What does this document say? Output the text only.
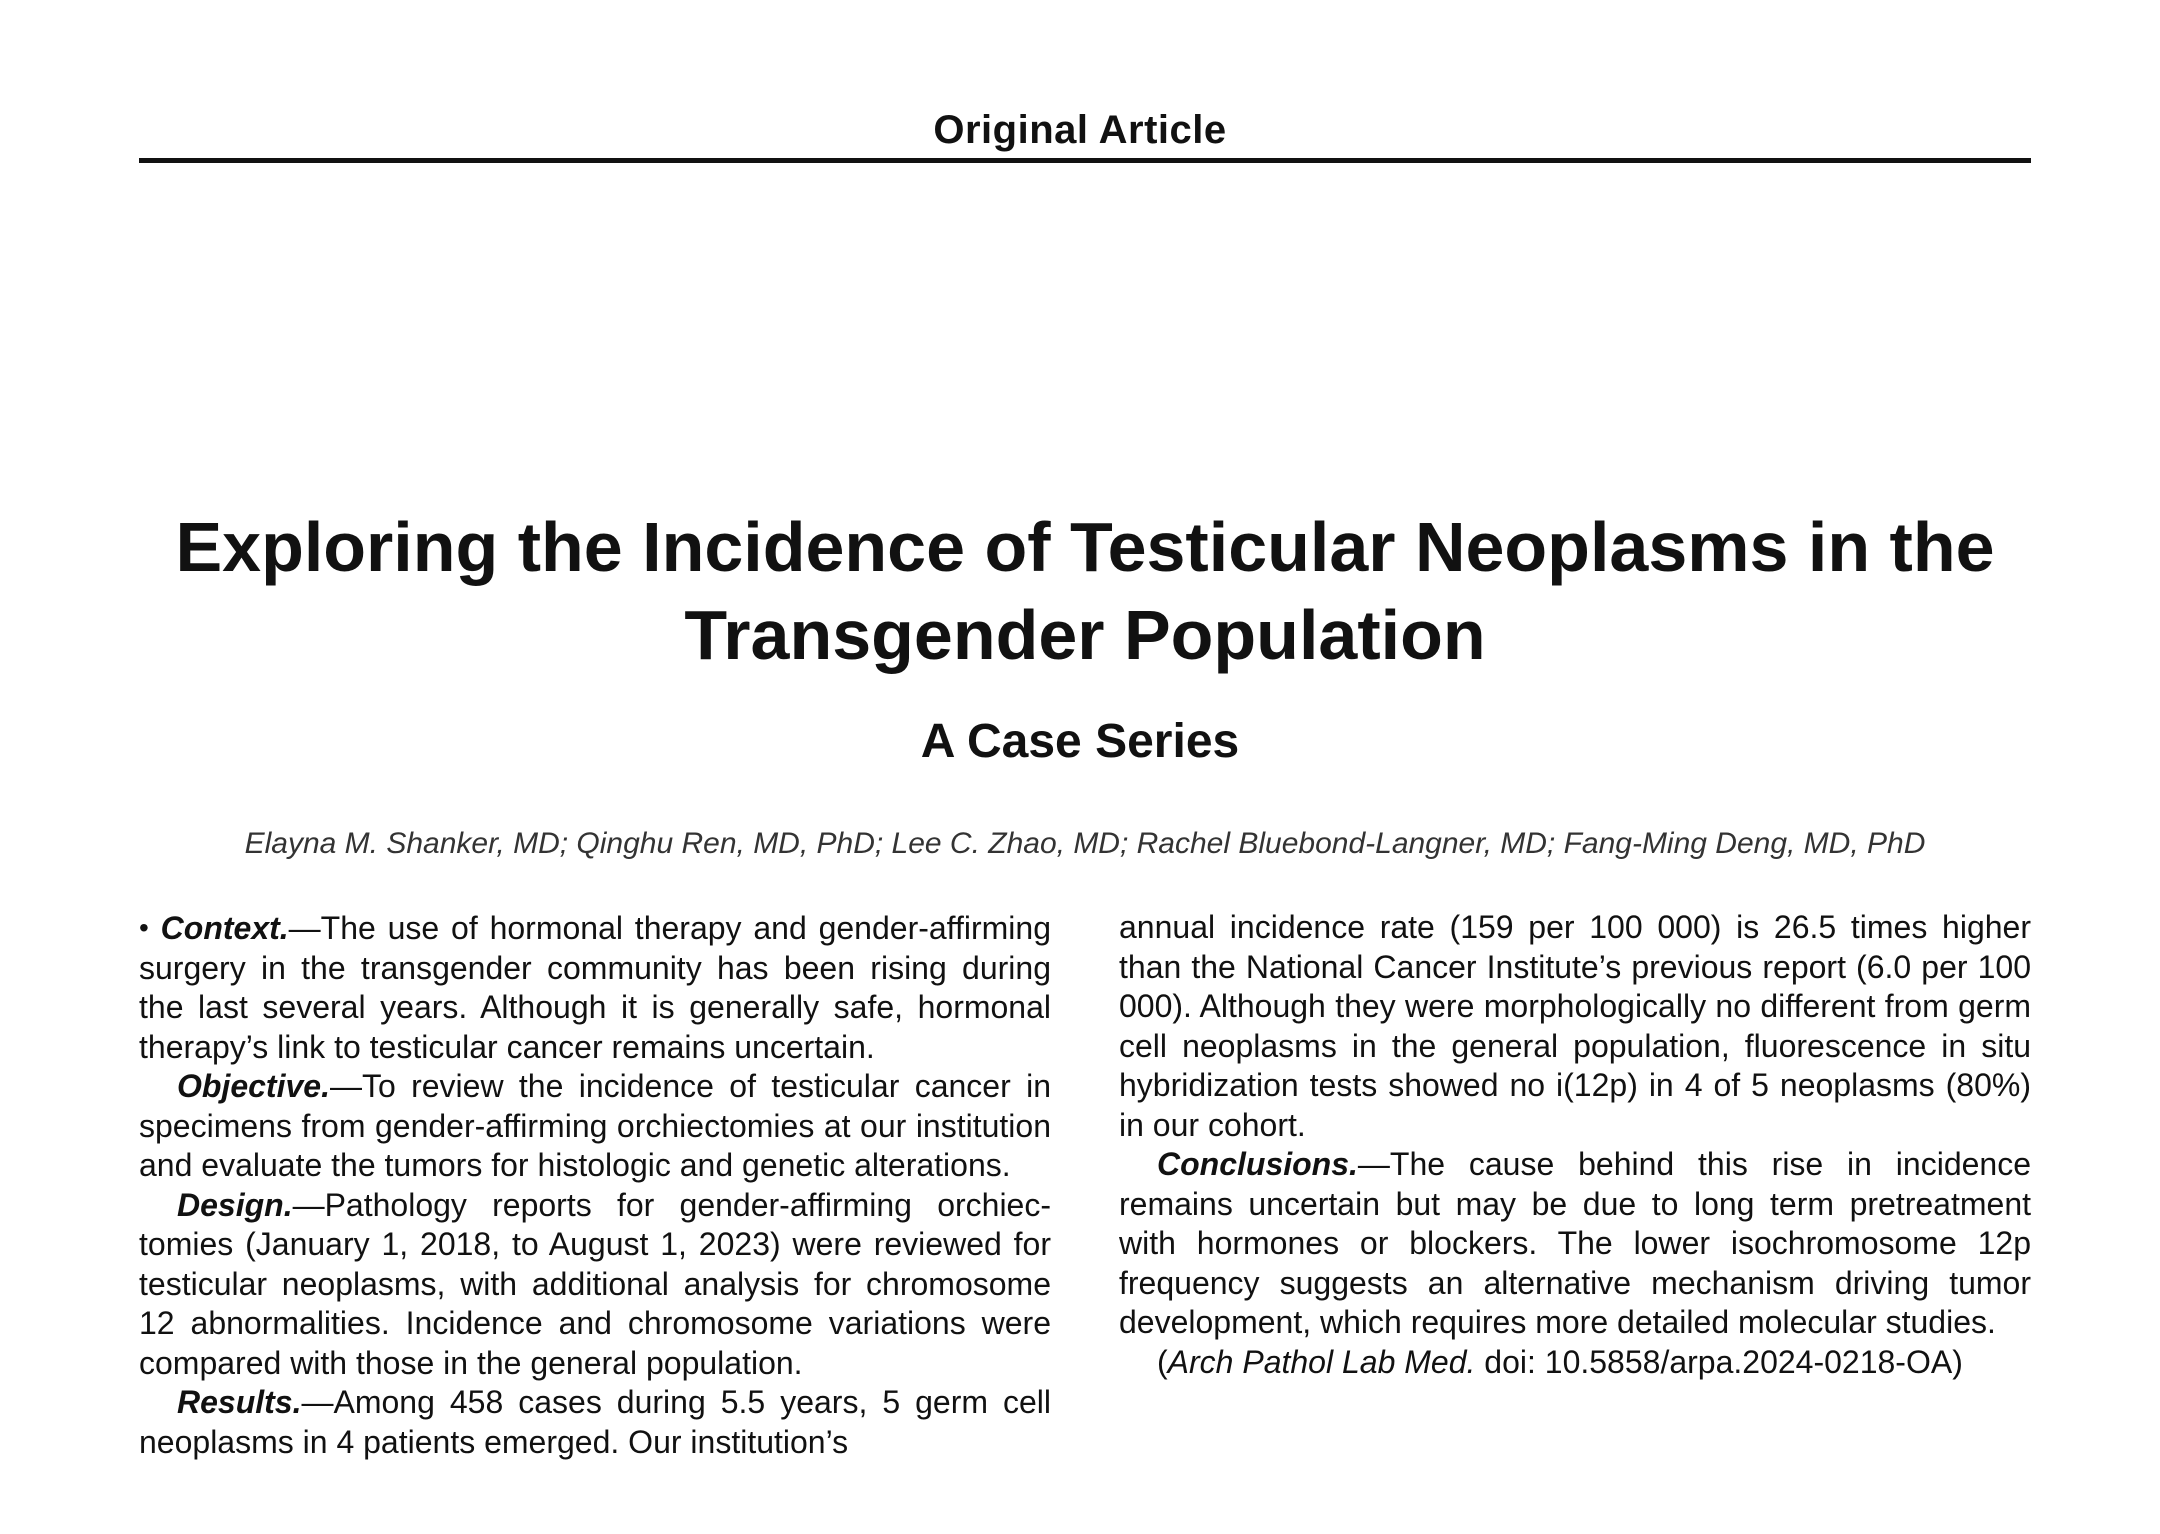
Original Article
Exploring the Incidence of Testicular Neoplasms in the Transgender Population
A Case Series
Elayna M. Shanker, MD; Qinghu Ren, MD, PhD; Lee C. Zhao, MD; Rachel Bluebond-Langner, MD; Fang-Ming Deng, MD, PhD

• Context.—The use of hormonal therapy and gender-affirming surgery in the transgender community has been rising during the last several years. Although it is generally safe, hormonal therapy’s link to testicular cancer remains uncertain.

Objective.—To review the incidence of testicular cancer in specimens from gender-affirming orchiectomies at our institution and evaluate the tumors for histologic and genetic alterations.

Design.—Pathology reports for gender-affirming orchiectomies (January 1, 2018, to August 1, 2023) were reviewed for testicular neoplasms, with additional analysis for chromosome 12 abnormalities. Incidence and chromosome variations were compared with those in the general population.

Results.—Among 458 cases during 5.5 years, 5 germ cell neoplasms in 4 patients emerged. Our institution’s

annual incidence rate (159 per 100 000) is 26.5 times higher than the National Cancer Institute’s previous report (6.0 per 100 000). Although they were morphologically no different from germ cell neoplasms in the general population, fluorescence in situ hybridization tests showed no i(12p) in 4 of 5 neoplasms (80%) in our cohort.

Conclusions.—The cause behind this rise in incidence remains uncertain but may be due to long term pretreatment with hormones or blockers. The lower isochromosome 12p frequency suggests an alternative mechanism driving tumor development, which requires more detailed molecular studies.

(Arch Pathol Lab Med. doi: 10.5858/arpa.2024-0218-OA)
